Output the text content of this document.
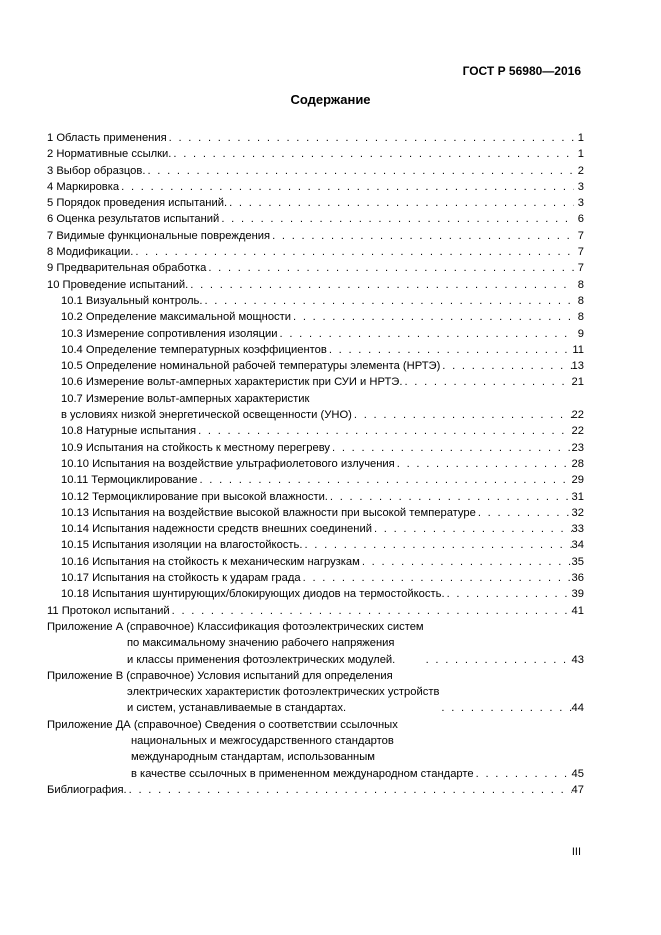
ГОСТ Р 56980—2016
Содержание
1 Область применения . . .	1
2 Нормативные ссылки. . . .	1
3 Выбор образцов. . . .	2
4 Маркировка . . .	3
5 Порядок проведения испытаний. . . .	3
6 Оценка результатов испытаний . . .	6
7 Видимые функциональные повреждения . . .	7
8 Модификации. . . .	7
9 Предварительная обработка . . .	7
10 Проведение испытаний. . . .	8
10.1 Визуальный контроль. . . .	8
10.2 Определение максимальной мощности . . .	8
10.3 Измерение сопротивления изоляции . . .	9
10.4 Определение температурных коэффициентов . . .	11
10.5 Определение номинальной рабочей температуры элемента (НРТЭ) . . .	13
10.6 Измерение вольт-амперных характеристик при СУИ и НРТЭ. . . .	21
10.7 Измерение вольт-амперных характеристик
в условиях низкой энергетической освещенности (УНО) . . .	22
10.8 Натурные испытания . . .	22
10.9 Испытания на стойкость к местному перегреву . . .	23
10.10 Испытания на воздействие ультрафиолетового излучения . . .	28
10.11 Термоциклирование . . .	29
10.12 Термоциклирование при высокой влажности. . . .	31
10.13 Испытания на воздействие высокой влажности при высокой температуре . . .	32
10.14 Испытания надежности средств внешних соединений . . .	33
10.15 Испытания изоляции на влагостойкость. . . .	34
10.16 Испытания на стойкость к механическим нагрузкам . . .	35
10.17 Испытания на стойкость к ударам града . . .	36
10.18 Испытания шунтирующих/блокирующих диодов на термостойкость. . . .	39
11 Протокол испытаний . . .	41
Приложение А (справочное) Классификация фотоэлектрических систем
по максимальному значению рабочего напряжения
и классы применения фотоэлектрических модулей. . . .	43
Приложение В (справочное) Условия испытаний для определения
электрических характеристик фотоэлектрических устройств
и систем, устанавливаемые в стандартах. . . .	44
Приложение ДА (справочное) Сведения о соответствии ссылочных
национальных и межгосударственного стандартов
международным стандартам, использованным
в качестве ссылочных в примененном международном стандарте . . .	45
Библиография. . . .	47
III
